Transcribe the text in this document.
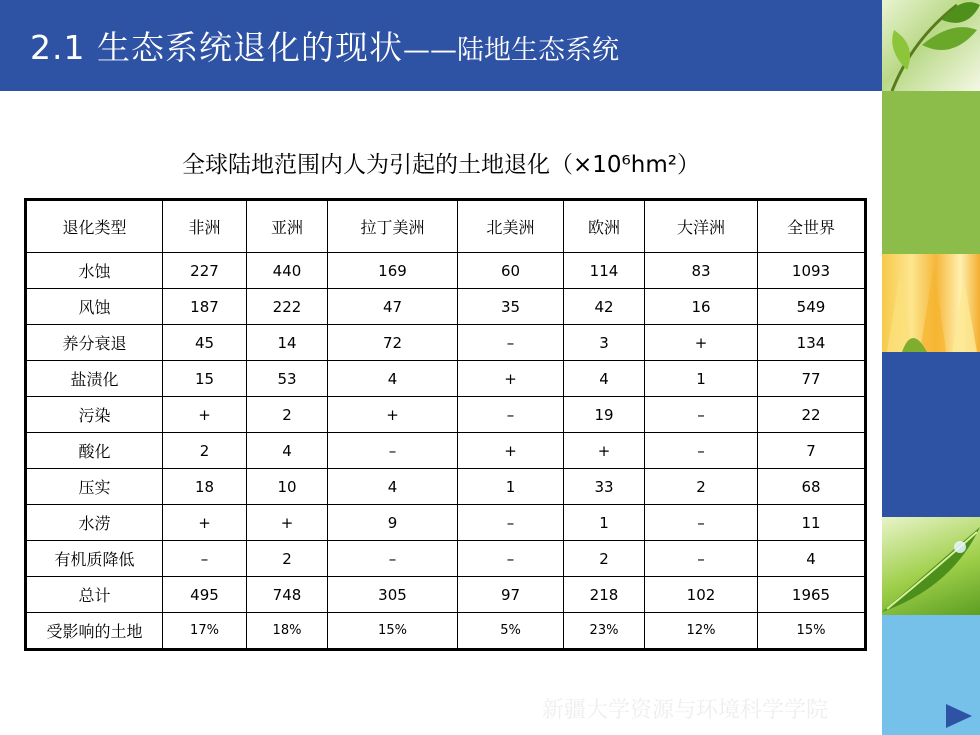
2.1 生态系统退化的现状——陆地生态系统
全球陆地范围内人为引起的土地退化（×10⁶hm²）
退化类型	非洲	亚洲	拉丁美洲	北美洲	欧洲	大洋洲	全世界
水蚀	227	440	169	60	114	83	1093
风蚀	187	222	47	35	42	16	549
养分衰退	45	14	72	–	3	+	134
盐渍化	15	53	4	+	4	1	77
污染	+	2	+	–	19	–	22
酸化	2	4	–	+	+	–	7
压实	18	10	4	1	33	2	68
水涝	+	+	9	–	1	–	11
有机质降低	–	2	–	–	2	–	4
总计	495	748	305	97	218	102	1965
受影响的土地	17%	18%	15%	5%	23%	12%	15%
新疆大学资源与环境科学学院
